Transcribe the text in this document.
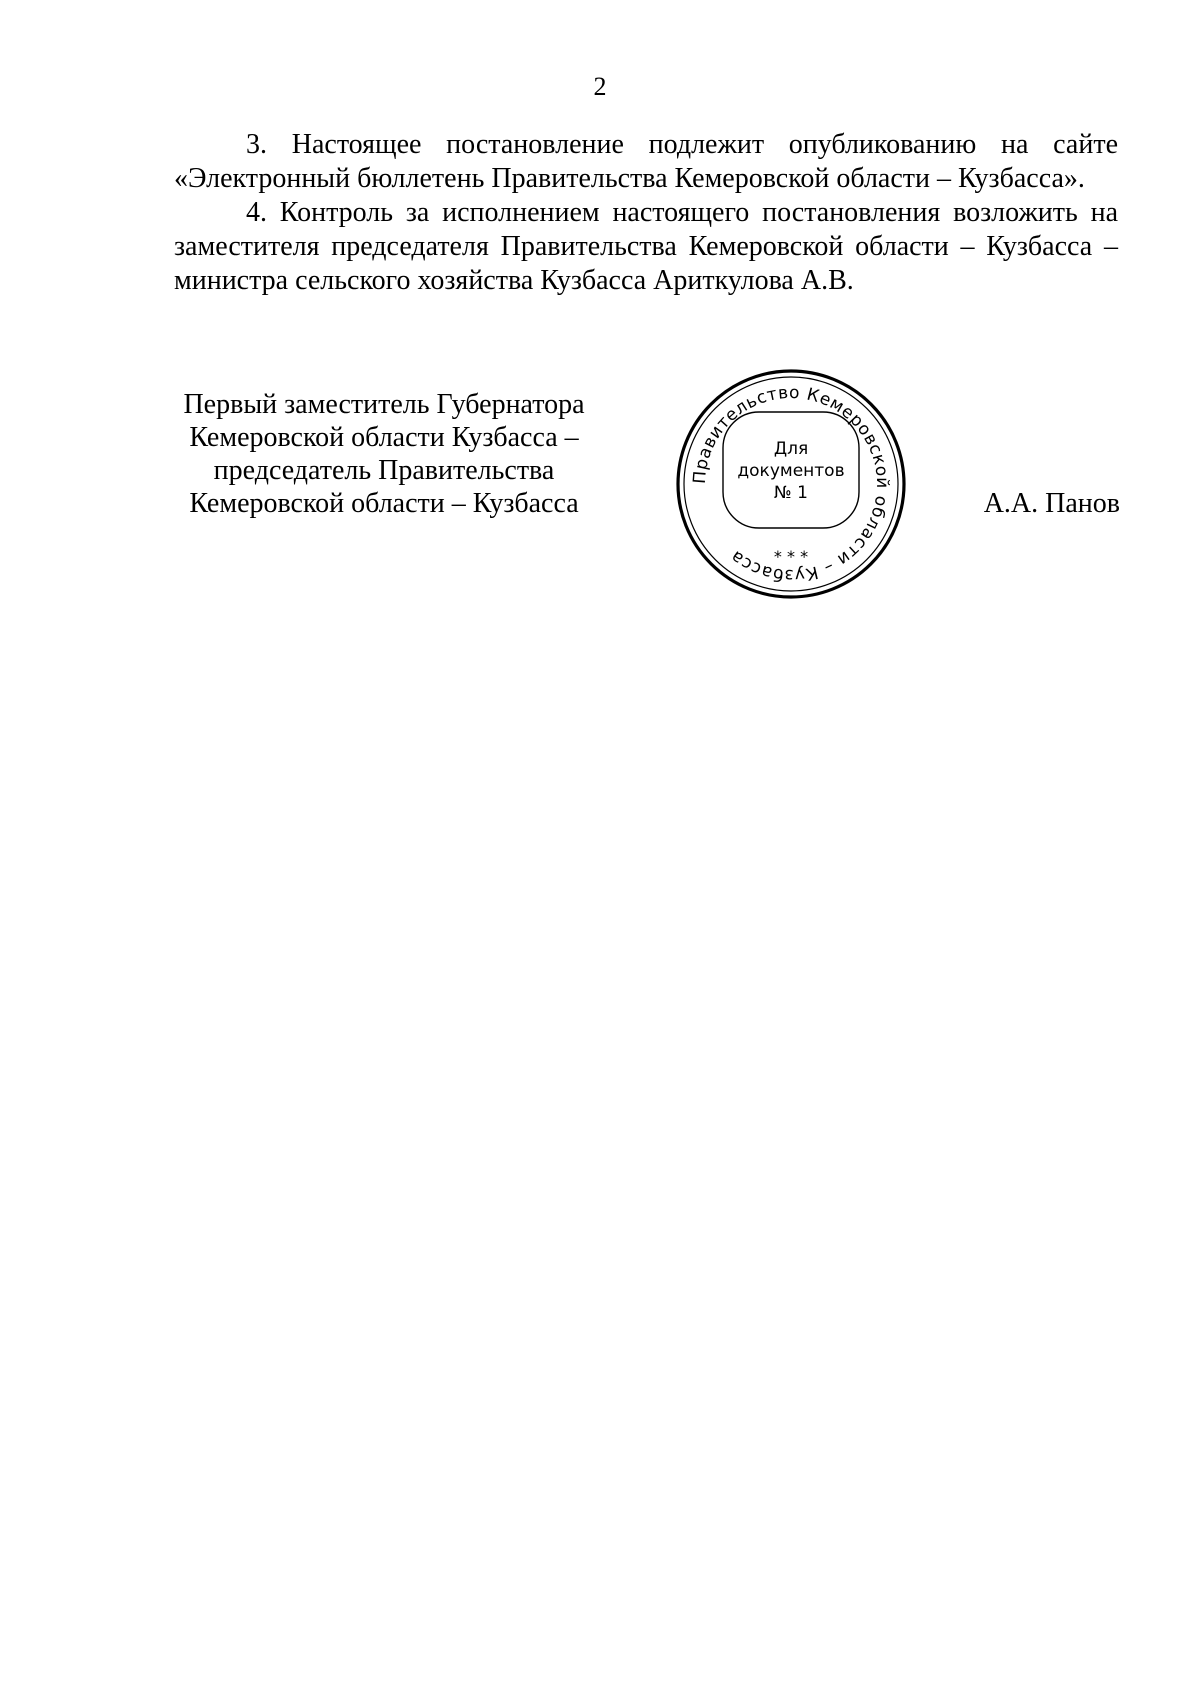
2

3. Настоящее постановление подлежит опубликованию на сайте «Электронный бюллетень Правительства Кемеровской области – Кузбасса».

4. Контроль за исполнением настоящего постановления возложить на заместителя председателя Правительства Кемеровской области – Кузбасса – министра сельского хозяйства Кузбасса Ариткулова А.В.

Первый заместитель Губернатора
Кемеровской области Кузбасса –
председатель Правительства
Кемеровской области – Кузбасса
Правительство Кемеровской области – Кузбасса
Для
документов
№ 1
* * *
А.А. Панов
